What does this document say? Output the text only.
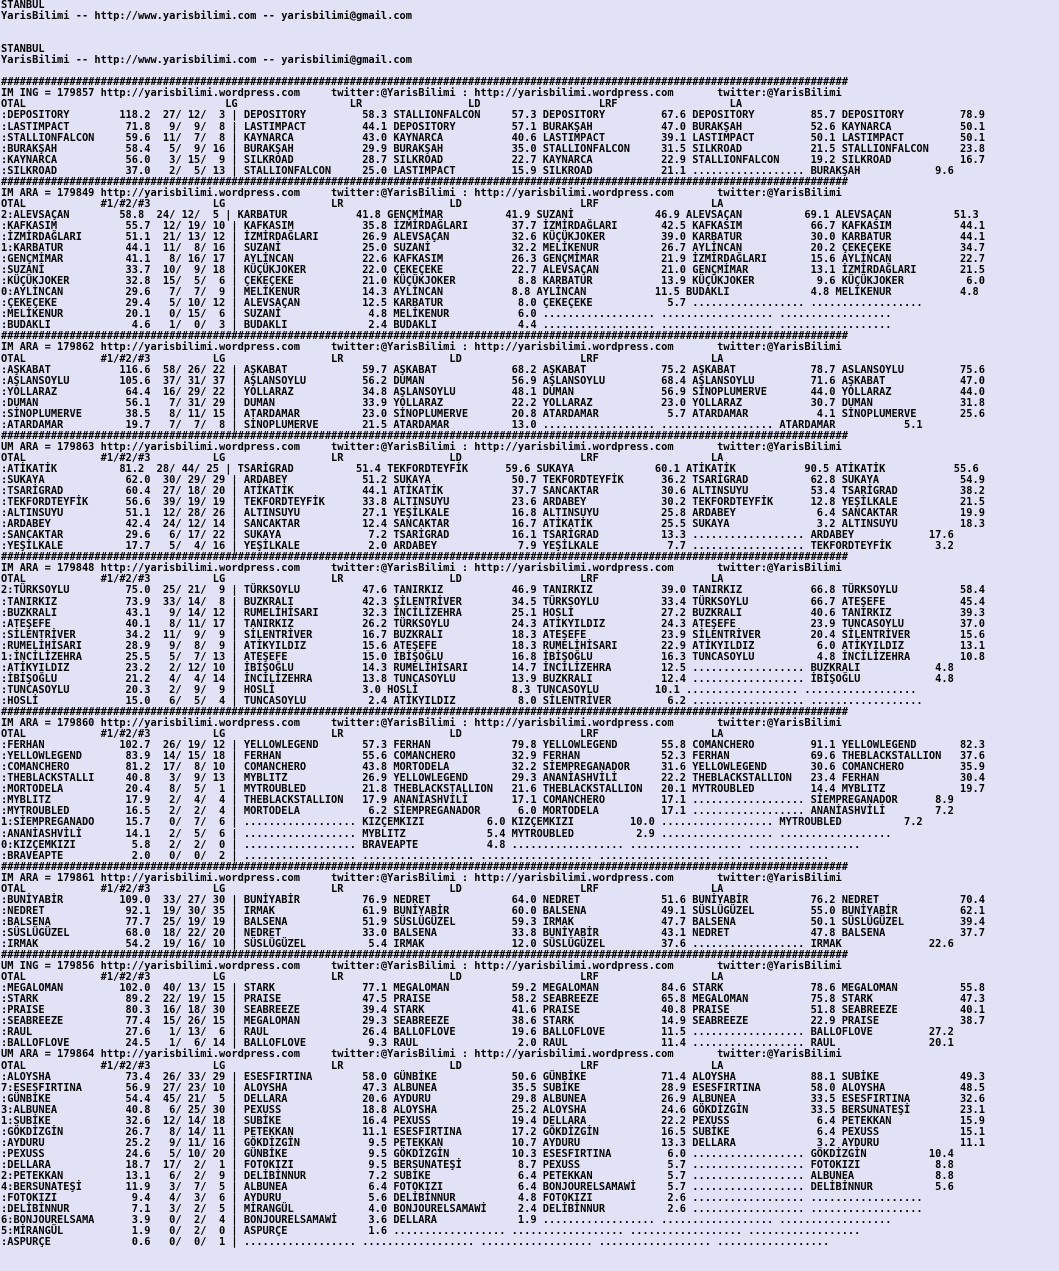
STANBUL
YarisBilimi -- http://www.yarisbilimi.com -- yarisbilimi@gmail.com

STANBUL
YarisBilimi -- http://www.yarisbilimi.com -- yarisbilimi@gmail.com

########################################################################################################################################
IM ING = 179857 http://yarisbilimi.wordpress.com     twitter:@YarisBilimi : http://yarisbilimi.wordpress.com       twitter:@YarisBilimi
OTAL                                LG                  LR                 LD                   LRF                  LA
:DEPOSITORY        118.2  27/ 12/  3 | DEPOSITORY         58.3 STALLIONFALCON     57.3 DEPOSITORY         67.6 DEPOSITORY         85.7 DEPOSITORY         78.9
:LASTIMPACT         71.8   9/  9/  8 | LASTIMPACT         44.1 DEPOSITORY         57.1 BURAKŞAH           47.0 BURAKŞAH           52.6 KAYNARCA           50.1
:STALLIONFALCON     59.6  11/  7/  8 | KAYNARCA           43.0 KAYNARCA           40.6 LASTIMPACT         39.1 LASTIMPACT         50.1 LASTIMPACT         50.1
:BURAKŞAH           58.4   5/  9/ 16 | BURAKŞAH           29.9 BURAKŞAH           35.0 STALLIONFALCON     31.5 SILKROAD           21.5 STALLIONFALCON     23.8
:KAYNARCA           56.0   3/ 15/  9 | SILKROAD           28.7 SILKROAD           22.7 KAYNARCA           22.9 STALLIONFALCON     19.2 SILKROAD           16.7
:SILKROAD           37.0   2/  5/ 13 | STALLIONFALCON     25.0 LASTIMPACT         15.9 SILKROAD           21.1 .................. BURAKŞAH            9.6
########################################################################################################################################
IM ARA = 179849 http://yarisbilimi.wordpress.com     twitter:@YarisBilimi : http://yarisbilimi.wordpress.com       twitter:@YarisBilimi
OTAL            #1/#2/#3          LG                 LR                 LD                   LRF                  LA
2:ALEVSAÇAN        58.8  24/ 12/  5 | KARBATUR           41.8 GENÇMİMAR          41.9 SUZANİ             46.9 ALEVSAÇAN          69.1 ALEVSAÇAN          51.3
:KAFKASIM           55.7  12/ 19/ 10 | KAFKASIM           35.8 İZMİRDAĞLARI       37.7 İZMİRDAĞLARI       42.5 KAFKASIM           66.7 KAFKASIM           44.1
:İZMİRDAĞLARI       51.1  21/ 13/ 12 | İZMİRDAĞLARI       26.9 ALEVSAÇAN          32.6 KÜÇÜKJOKER         39.0 KARBATUR           30.0 KARBATUR           44.1
1:KARBATUR          44.1  11/  8/ 16 | SUZANİ             25.0 SUZANİ             32.2 MELİKENUR          26.7 AYLİNCAN           20.2 ÇEKEÇEKE           34.7
:GENÇMİMAR          41.1   8/ 16/ 17 | AYLİNCAN           22.6 KAFKASIM           26.3 GENÇMİMAR          21.9 İZMİRDAĞLARI       15.6 AYLİNCAN           22.7
:SUZANİ             33.7  10/  9/ 18 | KÜÇÜKJOKER         22.0 ÇEKEÇEKE           22.7 ALEVSAÇAN          21.0 GENÇMİMAR          13.1 İZMİRDAĞLARI       21.5
:KÜÇÜKJOKER         32.8  15/  5/  6 | ÇEKEÇEKE           21.0 KÜÇÜKJOKER          8.8 KARBATUR           13.9 KÜÇÜKJOKER          9.6 KÜÇÜKJOKER          6.0
0:AYLİNCAN          29.6   7/  7/  9 | MELİKENUR          14.3 AYLİNCAN           8.8 AYLİNCAN           11.5 BUDAKLI             4.8 MELİKENUR           4.8
:ÇEKEÇEKE           29.4   5/ 10/ 12 | ALEVSAÇAN          12.5 KARBATUR            8.0 ÇEKEÇEKE            5.7 .................. ..................
:MELİKENUR          20.1   0/ 15/  6 | SUZANİ              4.8 MELİKENUR           6.0 .................. .................. ..................
:BUDAKLI             4.6   1/  0/  3 | BUDAKLI             2.4 BUDAKLI             4.4 .................. .................. ..................
########################################################################################################################################
IM ARA = 179862 http://yarisbilimi.wordpress.com     twitter:@YarisBilimi : http://yarisbilimi.wordpress.com       twitter:@YarisBilimi
OTAL            #1/#2/#3          LG                 LR                 LD                   LRF                  LA
:AŞKABAT           116.6  58/ 26/ 22 | AŞKABAT            59.7 AŞKABAT            68.2 AŞKABAT            75.2 AŞKABAT            78.7 ASLANSOYLU         75.6
:AŞLANSOYLU        105.6  37/ 31/ 37 | AŞLANSOYLU         56.2 DUMAN              56.9 AŞLANSOYLU         68.4 AŞLANSOYLU         71.6 AŞKABAT            47.0
:YOLLARAZ           64.4  16/ 29/ 22 | YOLLARAZ           34.8 AŞLANSOYLU         48.1 DUMAN              56.9 SİNOPLUMERVE       44.0 YOLLARAZ           44.0
:DUMAN              56.1   7/ 31/ 29 | DUMAN              33.9 YOLLARAZ           22.2 YOLLARAZ           23.0 YOLLARAZ           30.7 DUMAN              31.8
:SİNOPLUMERVE       38.5   8/ 11/ 15 | ATARDAMAR          23.0 SİNOPLUMERVE       20.8 ATARDAMAR           5.7 ATARDAMAR           4.1 SİNOPLUMERVE       25.6
:ATARDAMAR          19.7   7/  7/  8 | SİNOPLUMERVE       21.5 ATARDAMAR          13.0 .................. .................. ATARDAMAR           5.1
########################################################################################################################################
UM ARA = 179863 http://yarisbilimi.wordpress.com     twitter:@YarisBilimi : http://yarisbilimi.wordpress.com       twitter:@YarisBilimi
OTAL            #1/#2/#3          LG                 LR                 LD                   LRF                  LA
:ATİKATİK          81.2  28/ 44/ 25 | TSARİGRAD          51.4 TEKFORDTEYFİK      59.6 SUKAYA             60.1 ATİKATİK           90.5 ATİKATİK           55.6
:SUKAYA             62.0  30/ 29/ 29 | ARDABEY            51.2 SUKAYA             50.7 TEKFORDTEYFİK      36.2 TSARİGRAD          62.8 SUKAYA             54.9
:TSARİGRAD          60.4  27/ 18/ 20 | ATİKATİK           44.1 ATİKATİK           37.7 SANCAKTAR          30.6 ALTINSUYU          53.4 TSARİGRAD          38.2
:TEKFORDTEYFİK      56.6  39/ 19/ 19 | TEKFORDTEYFİK      33.8 ALTINSUYU          23.6 ARDABEY            30.2 TEKFORDTEYFİK      12.8 YEŞİLKALE          21.5
:ALTINSUYU          51.1  12/ 28/ 26 | ALTINSUYU          27.1 YEŞİLKALE          16.8 ALTINSUYU          25.8 ARDABEY             6.4 SANCAKTAR          19.9
:ARDABEY            42.4  24/ 12/ 14 | SANCAKTAR          12.4 SANCAKTAR          16.7 ATİKATİK           25.5 SUKAYA              3.2 ALTINSUYU          18.3
:SANCAKTAR          29.6   6/ 17/ 22 | SUKAYA              7.2 TSARİGRAD          16.1 TSARİGRAD          13.3 .................. ARDABEY            17.6
:YEŞİLKALE          17.7   5/  4/ 16 | YEŞİLKALE           2.0 ARDABEY             7.9 YEŞİLKALE           7.7 .................. TEKFORDTEYFİK       3.2
########################################################################################################################################
IM ARA = 179848 http://yarisbilimi.wordpress.com     twitter:@YarisBilimi : http://yarisbilimi.wordpress.com       twitter:@YarisBilimi
OTAL            #1/#2/#3          LG                 LR                 LD                   LRF                  LA
2:TÜRKSOYLU         75.0  25/ 21/  9 | TÜRKSOYLU          47.6 TANIRKIZ           46.9 TANIRKIZ           39.0 TANIRKIZ           66.8 TÜRKSOYLU          58.4
:TANIRKIZ           73.9  33/ 14/  8 | BUZKRALI           42.3 ŞİLENTRİVER        34.5 TÜRKSOYLU          33.4 TÜRKSOYLU          66.7 ATEŞEFE            45.4
:BUZKRALI           43.1   9/ 14/ 12 | RUMELİHİSARI       32.3 İNCİLİZEHRA        25.1 HOSLİ              27.2 BUZKRALI           40.6 TANIRKIZ           39.3
:ATEŞEFE            40.1   8/ 11/ 17 | TANIRKIZ           26.2 TÜRKSOYLU          24.3 ATİKYILDIZ         24.3 ATEŞEFE            23.9 TUNCASOYLU         37.0
:SİLENTRİVER        34.2  11/  9/  9 | SİLENTRİVER        16.7 BUZKRALI           18.3 ATEŞEFE            23.9 SİLENTRİVER        20.4 SİLENTRİVER        15.6
:RUMELİHİSARI       28.9   9/  8/  9 | ATİKYILDIZ         15.6 ATEŞEFE            18.3 RUMELİHİSARI       22.9 ATİKYILDIZ          6.0 ATİKYILDIZ         13.1
1:İNCİLİZEHRA       25.5   5/  7/ 13 | ATEŞEFE            15.0 İBİŞOĞLU           16.8 İBİŞOĞLU           16.3 TUNCASOYLU          4.8 İNCİLİZEHRA        10.8
:ATİKYILDIZ         23.2   2/ 12/ 10 | İBİŞOĞLU           14.3 RUMELİHİSARI       14.7 İNCİLİZEHRA        12.5 .................. BUZKRALI            4.8
:İBİŞOĞLU           21.2   4/  4/ 14 | İNCİLİZEHRA        13.8 TUNCASOYLU         13.9 BUZKRALI           12.4 .................. İBİŞOĞLU            4.8
:TUNCASOYLU         20.3   2/  9/  9 | HOSLİ              3.0 HOSLİ               8.3 TUNCASOYLU         10.1 .................. ..................
:HOSLİ              15.0   6/  5/  4 | TUNCASOYLU          2.4 ATİKYILDIZ          8.0 SİLENTRİVER         6.2 .................. ..................
########################################################################################################################################
IM ARA = 179860 http://yarisbilimi.wordpress.com     twitter:@YarisBilimi : http://yarisbilimi.wordpress.com       twitter:@YarisBilimi
OTAL            #1/#2/#3          LG                 LR                 LD                   LRF                  LA
:FERHAN            102.7  26/ 19/ 12 | YELLOWLEGEND       57.3 FERHAN             79.8 YELLOWLEGEND       55.8 COMANCHERO         91.1 YELLOWLEGEND       82.3
:YELLOWLEGEND       83.9  14/ 15/ 18 | FERHAN             55.6 COMANCHERO         32.9 FERHAN             52.3 FERHAN             69.6 THEBLACKSTALLION   37.6
:COMANCHERO         81.2  17/  8/ 10 | COMANCHERO         43.8 MORTODELA          32.2 SİEMPREGANADOR     31.6 YELLOWLEGEND       30.6 COMANCHERO         35.9
:THEBLACKSTALLI     40.8   3/  9/ 13 | MYBLITZ            26.9 YELLOWLEGEND       29.3 ANANİASHVİLİ       22.2 THEBLACKSTALLION   23.4 FERHAN             30.4
:MORTODELA          20.4   8/  5/  1 | MYTROUBLED         21.8 THEBLACKSTALLION   21.6 THEBLACKSTALLION   20.1 MYTROUBLED         14.4 MYBLITZ            19.7
:MYBLITZ            17.9   2/  4/  4 | THEBLACKSTALLION   17.9 ANANİASHVİLİ       17.1 COMANCHERO         17.1 .................. SİEMPREGANADOR      8.9
:MYTROUBLED         16.5   2/  2/  4 | MORTODELA           6.2 SİEMPREGANADOR      6.0 MORTODELA          17.1 .................. ANANİASHVİLİ        7.2
1:SİEMPREGANADO     15.7   0/  7/  6 | .................. KIZÇEMKIZI          6.0 KIZÇEMKIZI         10.0 .................. MYTROUBLED          7.2
:ANANİASHVİLİ       14.1   2/  5/  6 | .................. MYBLITZ             5.4 MYTROUBLED          2.9 .................. ..................
0:KIZÇEMKIZI         5.8   2/  2/  0 | .................. BRAVEAPTE           4.8 .................. .................. ..................
:BRAVEAPTE           2.0   0/  0/  2 | .................. .................. .................. .................. ..................
########################################################################################################################################
IM ARA = 179861 http://yarisbilimi.wordpress.com     twitter:@YarisBilimi : http://yarisbilimi.wordpress.com       twitter:@YarisBilimi
OTAL            #1/#2/#3          LG                 LR                 LD                   LRF                  LA
:BUNİYABİR         109.0  33/ 27/ 30 | BUNİYABİR          76.9 NEDRET             64.0 NEDRET             51.6 BUNİYABİR          76.2 NEDRET             70.4
:NEDRET             92.1  19/ 30/ 35 | IRMAK              61.9 BUNİYABİR          60.0 BALSENA            49.1 SÜSLÜGÜZEL         55.0 BUNİYABİR          62.1
:BALSENA            77.7  25/ 19/ 19 | BALSENA            51.9 SÜSLÜGÜZEL         59.3 IRMAK              47.7 BALSENA            50.1 SÜSLÜGÜZEL         39.4
:SÜSLÜGÜZEL         68.0  18/ 22/ 20 | NEDRET             33.0 BALSENA            33.8 BUNİYABİR          43.1 NEDRET             47.8 BALSENA            37.7
:IRMAK              54.2  19/ 16/ 10 | SÜSLÜGÜZEL          5.4 IRMAK              12.0 SÜSLÜGÜZEL         37.6 .................. IRMAK              22.6
########################################################################################################################################
UM ING = 179856 http://yarisbilimi.wordpress.com     twitter:@YarisBilimi : http://yarisbilimi.wordpress.com       twitter:@YarisBilimi
OTAL            #1/#2/#3          LG                 LR                 LD                   LRF                  LA
:MEGALOMAN         102.0  40/ 13/ 15 | STARK              77.1 MEGALOMAN          59.2 MEGALOMAN          84.6 STARK              78.6 MEGALOMAN          55.8
:STARK              89.2  22/ 19/ 15 | PRAISE             47.5 PRAISE             58.2 SEABREEZE          65.8 MEGALOMAN          75.8 STARK              47.3
:PRAISE             80.3  16/ 18/ 30 | SEABREEZE          39.4 STARK              41.6 PRAISE             40.8 PRAISE             51.8 SEABREEZE          40.1
:SEABREEZE          77.4  15/ 26/ 15 | MEGALOMAN          29.3 SEABREEZE          38.6 STARK              14.9 SEABREEZE          22.9 PRAISE             38.7
:RAUL               27.6   1/ 13/  6 | RAUL               26.4 BALLOFLOVE         19.6 BALLOFLOVE         11.5 .................. BALLOFLOVE         27.2
:BALLOFLOVE         24.5   1/  6/ 14 | BALLOFLOVE          9.3 RAUL                2.0 RAUL               11.4 .................. RAUL               20.1
UM ARA = 179864 http://yarisbilimi.wordpress.com     twitter:@YarisBilimi : http://yarisbilimi.wordpress.com       twitter:@YarisBilimi
OTAL            #1/#2/#3          LG                 LR                 LD                   LRF                  LA
:ALOYSHA            73.4  26/ 33/ 29 | ESESFIRTINA        58.0 GÜNBİKE            50.6 GÜNBİKE            71.4 ALOYSHA            88.1 SUBİKE             49.3
7:ESESFIRTINA       56.9  27/ 23/ 10 | ALOYSHA            47.3 ALBUNEA            35.5 SUBİKE             28.9 ESESFIRTINA        58.0 ALOYSHA            48.5
:GÜNBİKE            54.4  45/ 21/  5 | DELLARA            20.6 AYDURU             29.8 ALBUNEA            26.9 ALBUNEA            33.5 ESESFIRTINA        32.6
3:ALBUNEA           40.8   6/ 25/ 30 | PEXUSS             18.8 ALOYSHA            25.2 ALOYSHA            24.6 GÖKDİZGİN          33.5 BERSUNATEŞİ        23.1
1:SUBİKE            32.6  12/ 14/ 18 | SUBİKE             16.4 PEXUSS             19.4 DELLARA            22.2 PEXUSS              6.4 PETEKKAN           15.9
:GÖKDİZGİN          26.7   8/ 14/ 11 | PETEKKAN           11.1 ESESFIRTINA        17.2 GÖKDİZGİN          16.5 SUBİKE              6.4 PEXUSS             15.1
:AYDURU             25.2   9/ 11/ 16 | GÖKDİZGİN           9.5 PETEKKAN           10.7 AYDURU             13.3 DELLARA             3.2 AYDURU             11.1
:PEXUSS             24.6   5/ 10/ 20 | GÜNBİKE             9.5 GÖKDİZGİN          10.3 ESESFIRTINA         6.0 .................. GÖKDİZGİN          10.4
:DELLARA            18.7  17/  2/  1 | FOTOKIZI            9.5 BERSUNATEŞİ         8.7 PEXUSS              5.7 .................. FOTOKIZI            8.8
2:PETEKKAN          13.1   6/  2/  9 | DELİBİNNUR          7.2 SUBİKE              6.4 PETEKKAN            5.7 .................. ALBUNEA             8.8
4:BERSUNATEŞİ       11.9   3/  7/  5 | ALBUNEA             6.4 FOTOKIZI            6.4 BONJOURELSAMAWİ     5.7 .................. DELİBİNNUR          5.6
:FOTOKIZI            9.4   4/  3/  6 | AYDURU              5.6 DELİBİNNUR          4.8 FOTOKIZI            2.6 .................. ..................
:DELİBİNNUR          7.1   3/  2/  5 | MİRANGÜL            4.0 BONJOURELSAMAWİ     2.4 DELİBİNNUR          2.6 .................. ..................
6:BONJOURELSAMA      3.9   0/  2/  4 | BONJOURELSAMAWİ     3.6 DELLARA             1.9 .................. .................. ..................
5:MİRANGÜL           1.9   0/  2/  0 | ASPURÇE             1.6 .................. .................. .................. ..................
:ASPURÇE             0.6   0/  0/  1 | .................. .................. .................. .................. ..................
